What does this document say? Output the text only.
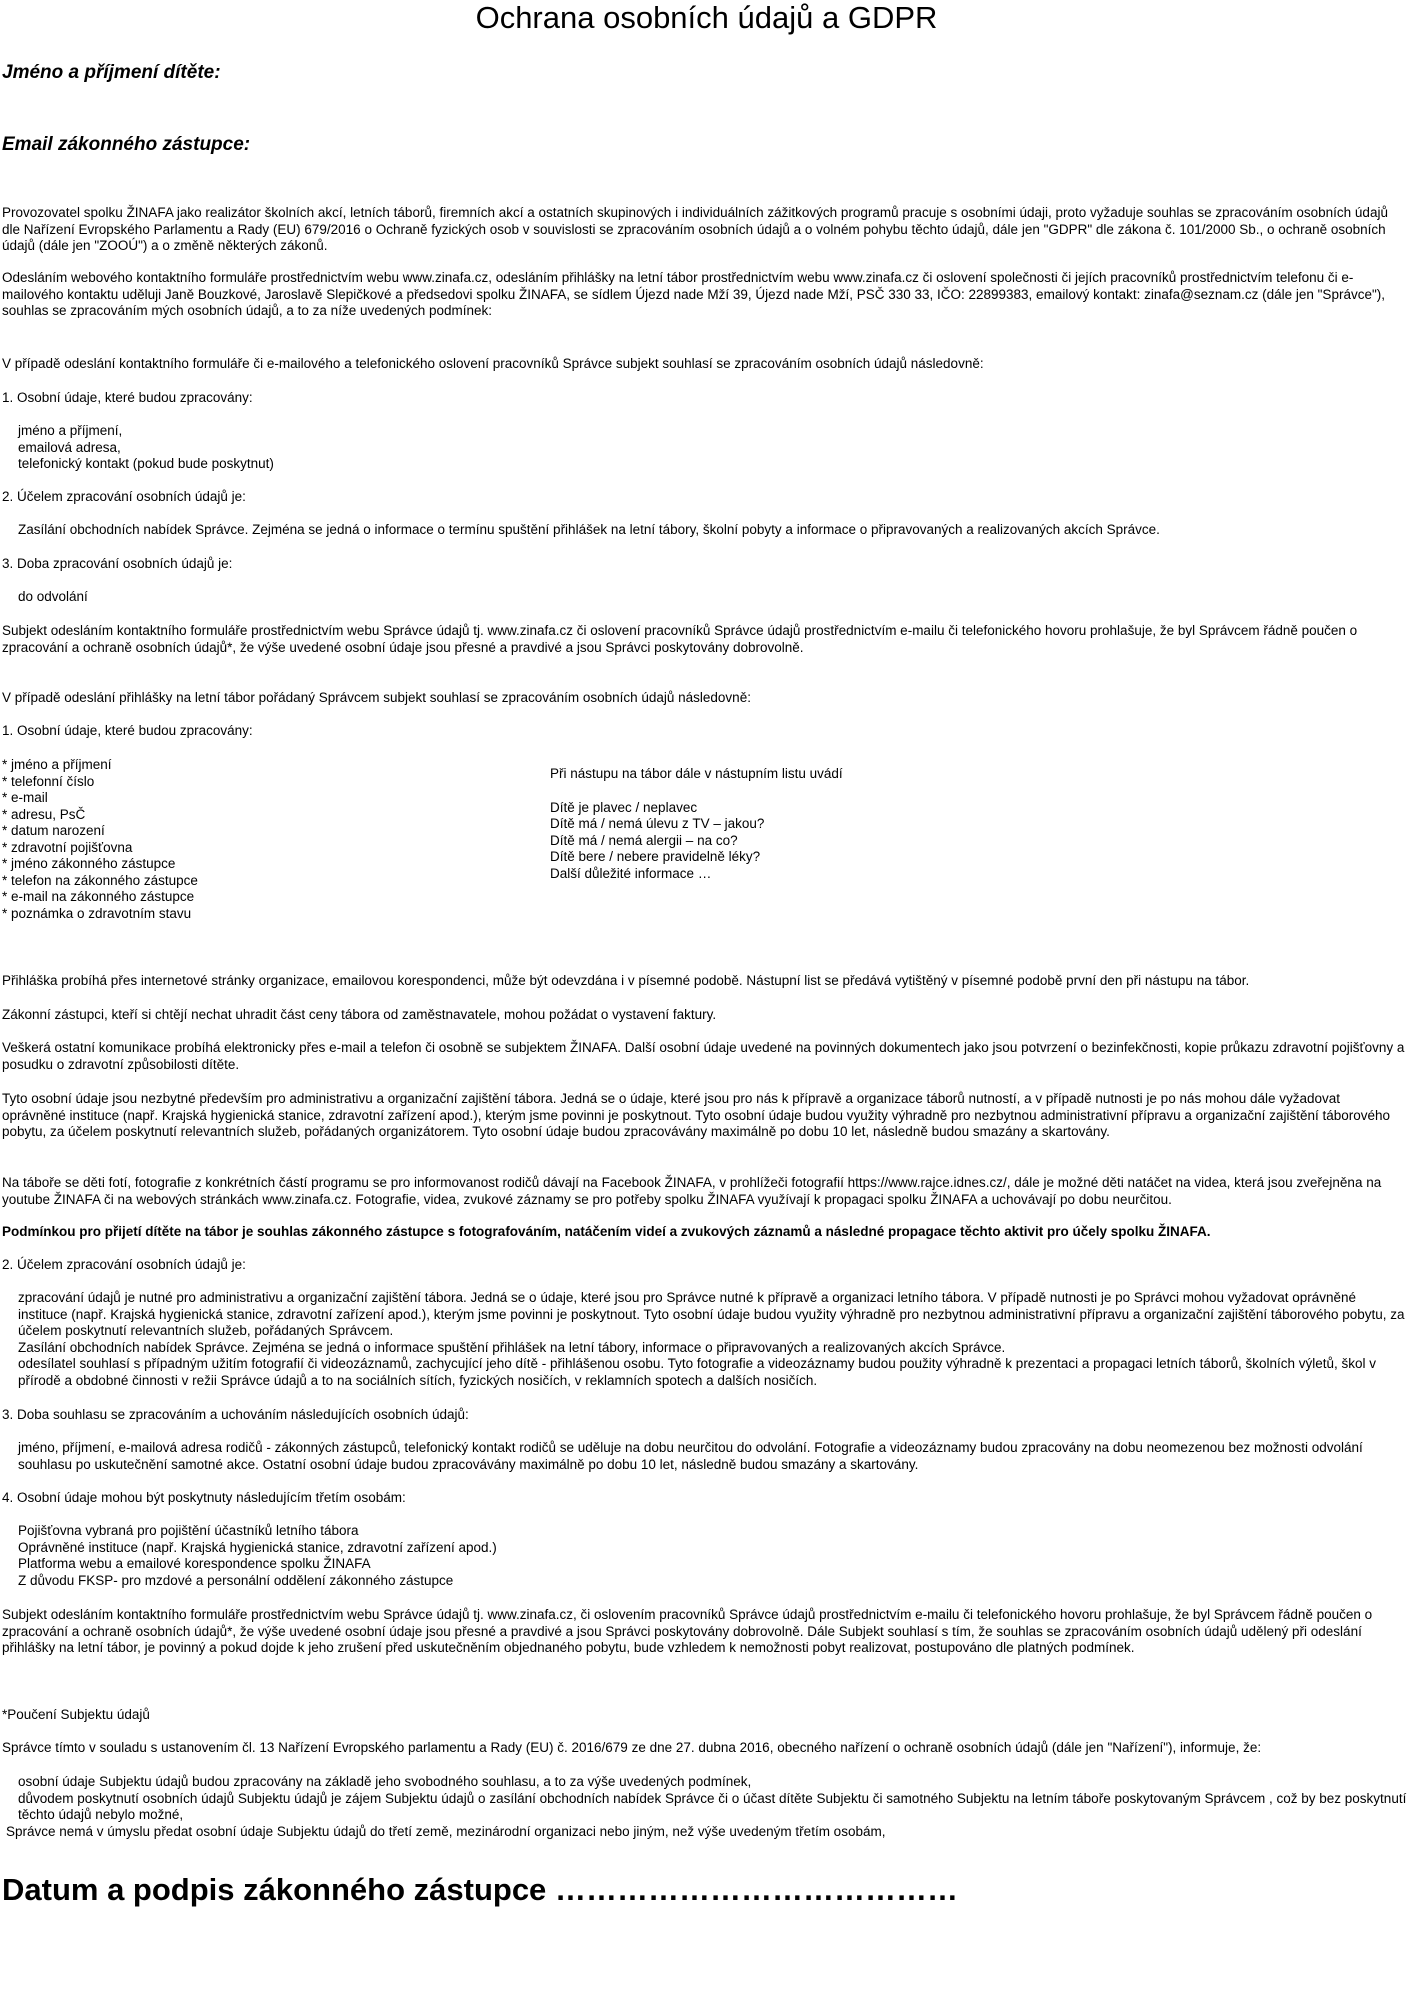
Ochrana osobních údajů a GDPR

Jméno a příjmení dítěte:

Email zákonného zástupce:

Provozovatel spolku ŽINAFA jako realizátor školních akcí, letních táborů, firemních akcí a ostatních skupinových i individuálních zážitkových programů pracuje s osobními údaji, proto vyžaduje souhlas se zpracováním osobních údajů dle Nařízení Evropského Parlamentu a Rady (EU) 679/2016 o Ochraně fyzických osob v souvislosti se zpracováním osobních údajů a o volném pohybu těchto údajů, dále jen "GDPR" dle zákona č. 101/2000 Sb., o ochraně osobních údajů (dále jen "ZOOÚ") a o změně některých zákonů.

Odesláním webového kontaktního formuláře prostřednictvím webu www.zinafa.cz, odesláním přihlášky na letní tábor prostřednictvím webu www.zinafa.cz či oslovení společnosti či jejích pracovníků prostřednictvím telefonu či e-mailového kontaktu uděluji Janě Bouzkové, Jaroslavě Slepičkové a předsedovi spolku ŽINAFA, se sídlem Újezd nade Mží 39, Újezd nade Mží, PSČ 330 33, IČO: 22899383, emailový kontakt: zinafa@seznam.cz (dále jen "Správce"), souhlas se zpracováním mých osobních údajů, a to za níže uvedených podmínek:

V případě odeslání kontaktního formuláře či e-mailového a telefonického oslovení pracovníků Správce subjekt souhlasí se zpracováním osobních údajů následovně:

1. Osobní údaje, které budou zpracovány:

jméno a příjmení,
emailová adresa,
telefonický kontakt (pokud bude poskytnut)

2. Účelem zpracování osobních údajů je:

Zasílání obchodních nabídek Správce. Zejména se jedná o informace o termínu spuštění přihlášek na letní tábory, školní pobyty a informace o připravovaných a realizovaných akcích Správce.

3. Doba zpracování osobních údajů je:

do odvolání

Subjekt odesláním kontaktního formuláře prostřednictvím webu Správce údajů tj. www.zinafa.cz či oslovení pracovníků Správce údajů prostřednictvím e-mailu či telefonického hovoru prohlašuje, že byl Správcem řádně poučen o zpracování a ochraně osobních údajů*, že výše uvedené osobní údaje jsou přesné a pravdivé a jsou Správci poskytovány dobrovolně.

V případě odeslání přihlášky na letní tábor pořádaný Správcem subjekt souhlasí se zpracováním osobních údajů následovně:

1. Osobní údaje, které budou zpracovány:

* jméno a příjmení
* telefonní číslo
* e-mail
* adresu, PsČ
* datum narození
* zdravotní pojišťovna
* jméno zákonného zástupce
* telefon na zákonného zástupce
* e-mail na zákonného zástupce
* poznámka o zdravotním stavu
Při nástupu na tábor dále v nástupním listu uvádí
Dítě je plavec / neplavec
Dítě má / nemá úlevu z TV – jakou?
Dítě má / nemá alergii – na co?
Dítě bere / nebere pravidelně léky?
Další důležité informace …

Přihláška probíhá přes internetové stránky organizace, emailovou korespondenci, může být odevzdána i v písemné podobě. Nástupní list se předává vytištěný v písemné podobě první den při nástupu na tábor.

Zákonní zástupci, kteří si chtějí nechat uhradit část ceny tábora od zaměstnavatele, mohou požádat o vystavení faktury.

Veškerá ostatní komunikace probíhá elektronicky přes e-mail a telefon či osobně se subjektem ŽINAFA. Další osobní údaje uvedené na povinných dokumentech jako jsou potvrzení o bezinfekčnosti, kopie průkazu zdravotní pojišťovny a posudku o zdravotní způsobilosti dítěte.

Tyto osobní údaje jsou nezbytné především pro administrativu a organizační zajištění tábora. Jedná se o údaje, které jsou pro nás k přípravě a organizace táborů nutností, a v případě nutnosti je po nás mohou dále vyžadovat oprávněné instituce (např. Krajská hygienická stanice, zdravotní zařízení apod.), kterým jsme povinni je poskytnout. Tyto osobní údaje budou využity výhradně pro nezbytnou administrativní přípravu a organizační zajištění táborového pobytu, za účelem poskytnutí relevantních služeb, pořádaných organizátorem. Tyto osobní údaje budou zpracovávány maximálně po dobu 10 let, následně budou smazány a skartovány.

Na táboře se děti fotí, fotografie z konkrétních částí programu se pro informovanost rodičů dávají na Facebook ŽINAFA, v prohlížeči fotografií https://www.rajce.idnes.cz/, dále je možné děti natáčet na videa, která jsou zveřejněna na youtube ŽINAFA či na webových stránkách www.zinafa.cz. Fotografie, videa, zvukové záznamy se pro potřeby spolku ŽINAFA využívají k propagaci spolku ŽINAFA a uchovávají po dobu neurčitou.

Podmínkou pro přijetí dítěte na tábor je souhlas zákonného zástupce s fotografováním, natáčením videí a zvukových záznamů a následné propagace těchto aktivit pro účely spolku ŽINAFA.

2. Účelem zpracování osobních údajů je:

zpracování údajů je nutné pro administrativu a organizační zajištění tábora. Jedná se o údaje, které jsou pro Správce nutné k přípravě a organizaci letního tábora. V případě nutnosti je po Správci mohou vyžadovat oprávněné instituce (např. Krajská hygienická stanice, zdravotní zařízení apod.), kterým jsme povinni je poskytnout. Tyto osobní údaje budou využity výhradně pro nezbytnou administrativní přípravu a organizační zajištění táborového pobytu, za účelem poskytnutí relevantních služeb, pořádaných Správcem.

Zasílání obchodních nabídek Správce. Zejména se jedná o informace spuštění přihlášek na letní tábory, informace o připravovaných a realizovaných akcích Správce.

odesílatel souhlasí s případným užitím fotografií či videozáznamů, zachycující jeho dítě - přihlášenou osobu. Tyto fotografie a videozáznamy budou použity výhradně k prezentaci a propagaci letních táborů, školních výletů, škol v přírodě a obdobné činnosti v režii Správce údajů a to na sociálních sítích, fyzických nosičích, v reklamních spotech a dalších nosičích.

3. Doba souhlasu se zpracováním a uchováním následujících osobních údajů:

jméno, příjmení, e-mailová adresa rodičů - zákonných zástupců, telefonický kontakt rodičů se uděluje na dobu neurčitou do odvolání. Fotografie a videozáznamy budou zpracovány na dobu neomezenou bez možnosti odvolání souhlasu po uskutečnění samotné akce. Ostatní osobní údaje budou zpracovávány maximálně po dobu 10 let, následně budou smazány a skartovány.

4. Osobní údaje mohou být poskytnuty následujícím třetím osobám:

Pojišťovna vybraná pro pojištění účastníků letního tábora
Oprávněné instituce (např. Krajská hygienická stanice, zdravotní zařízení apod.)
Platforma webu a emailové korespondence spolku ŽINAFA
Z důvodu FKSP- pro mzdové a personální oddělení zákonného zástupce

Subjekt odesláním kontaktního formuláře prostřednictvím webu Správce údajů tj. www.zinafa.cz, či oslovením pracovníků Správce údajů prostřednictvím e-mailu či telefonického hovoru prohlašuje, že byl Správcem řádně poučen o zpracování a ochraně osobních údajů*, že výše uvedené osobní údaje jsou přesné a pravdivé a jsou Správci poskytovány dobrovolně. Dále Subjekt souhlasí s tím, že souhlas se zpracováním osobních údajů udělený při odeslání přihlášky na letní tábor, je povinný a pokud dojde k jeho zrušení před uskutečněním objednaného pobytu, bude vzhledem k nemožnosti pobyt realizovat, postupováno dle platných podmínek.

*Poučení Subjektu údajů

Správce tímto v souladu s ustanovením čl. 13 Nařízení Evropského parlamentu a Rady (EU) č. 2016/679 ze dne 27. dubna 2016, obecného nařízení o ochraně osobních údajů (dále jen "Nařízení"), informuje, že:

osobní údaje Subjektu údajů budou zpracovány na základě jeho svobodného souhlasu, a to za výše uvedených podmínek,

důvodem poskytnutí osobních údajů Subjektu údajů je zájem Subjektu údajů o zasílání obchodních nabídek Správce či o účast dítěte Subjektu či samotného Subjektu na letním táboře poskytovaným Správcem , což by bez poskytnutí těchto údajů nebylo možné,

Správce nemá v úmyslu předat osobní údaje Subjektu údajů do třetí země, mezinárodní organizaci nebo jiným, než výše uvedeným třetím osobám,

Datum a podpis zákonného zástupce …………………………………
